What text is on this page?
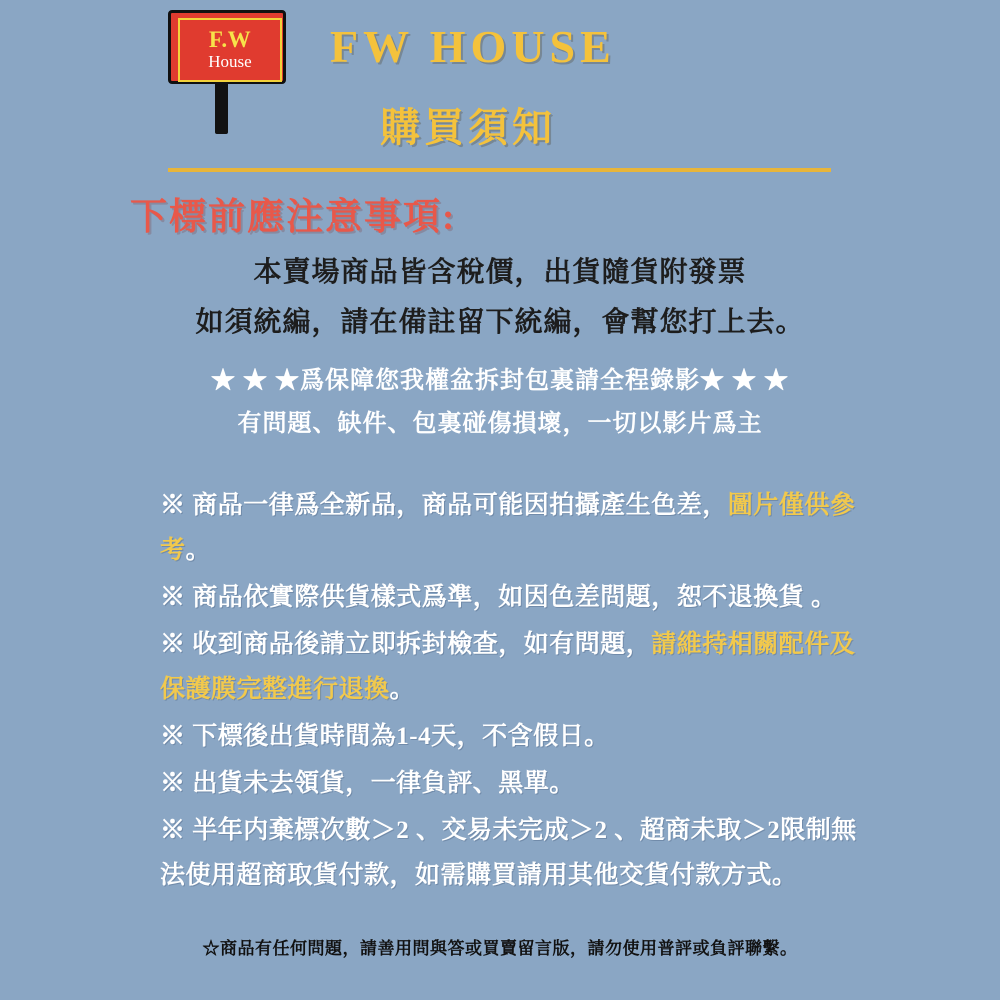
F.W
House FW HOUSE
購買須知
下標前應注意事項:
本賣場商品皆含稅價，出貨隨貨附發票
如須統編，請在備註留下統編，會幫您打上去。
★ ★ ★爲保障您我權盆拆封包裏請全程錄影★ ★ ★
有問題、缺件、包裏碰傷損壞，一切以影片爲主
※ 商品一律爲全新品，商品可能因拍攝產生色差，圖片僅供參考。
※ 商品依實際供貨樣式爲準，如因色差問題，恕不退換貨 。
※ 收到商品後請立即拆封檢查，如有問題，請維持相關配件及保護膜完整進行退換。
※ 下標後出貨時間為1-4天，不含假日。
※ 出貨未去領貨，一律負評、黑單。
※ 半年内棄標次數＞2 、交易未完成＞2 、超商未取＞2限制無法使用超商取貨付款，如需購買請用其他交貨付款方式。
☆商品有任何問題，請善用問與答或買賣留言版，請勿使用普評或負評聯繫。
